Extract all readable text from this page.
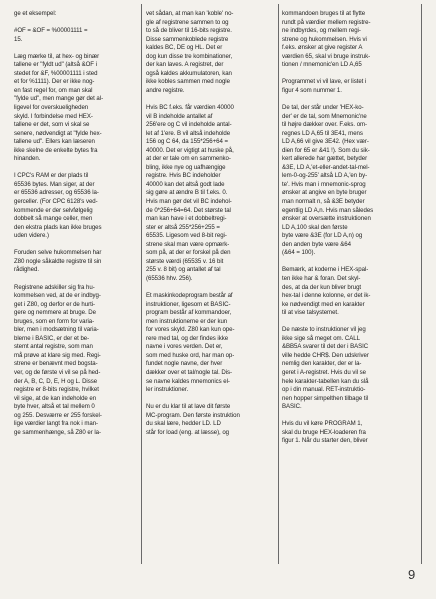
ge et eksempel:

#OF = &OF = %00001111 =
15.

Læg mærke til, at hex- og binær
tallene er "fyldt ud" (altså &OF i
stedet for &F, %00001111 i sted
et for %1111). Der er ikke nog-
en fast regel for, om man skal
"fylde ud", men mange gør det al-
ligevel for overskueligheden
skyld. I forbindelse med HEX-
tallene er det, som vi skal se
senere, nødvendigt at "fylde hex-
tallene ud". Ellers kan læseren
ikke skelne de enkelte bytes fra
hinanden.

I CPC's RAM er der plads til
65536 bytes. Man siger, at der
er 65536 adresser, og 65536 la-
gerceller. (For CPC 6128's ved-
kommende er der selvfølgelig
dobbelt så mange celler, men
den ekstra plads kan ikke bruges
uden videre.)

Foruden selve hukommelsen har
Z80 nogle såkaldte registre til sin
rådighed.

Registrene adskiller sig fra hu-
kommelsen ved, at de er indbyg-
get i Z80, og derfor er de hurti-
gere og nemmere at bruge. De
bruges, som en form for varia-
bler, men i modsætning til varia-
blerne i BASIC, er der et be-
stemt antal registre, som man
må prøve at klare sig med. Regi-
strene er benævnt med bogsta-
ver, og de første vi vil se på hed-
der A, B, C, D, E, H og L. Disse
registre er 8-bits registre, hvilket
vil sige, at de kan indeholde en
byte hver, altså et tal mellem 0
og 255. Desværre er 255 forskel-
lige værdier langt fra nok i man-
ge sammenhænge, så Z80 er la-

vet sådan, at man kan 'koble' no-
gle af registrene sammen to og
to så de bliver til 16-bits registre.
Disse sammenkoblede registre
kaldes BC, DE og HL. Det er
dog kun disse tre kombinationer,
der kan laves. A registret, der
også kaldes akkumulatoren, kan
ikke kobles sammen med nogle
andre registre.

Hvis BC f.eks. får værdien 40000
vil B indeholde antallet af
256'ere og C vil indeholde antal-
let af 1'ere. B vil altså indeholde
156 og C 64, da 155*256+64 =
40000. Det er vigtigt at huske på,
at der er tale om en sammenko-
bling, ikke nye og uafhængige
registre. Hvis BC indeholder
40000 kan det altså godt lade
sig gøre at ændre B til f.eks. 0.
Hvis man gør det vil BC indehol-
de 0*256+64=64. Det største tal
man kan have i et dobbeltregi-
ster er altså 255*256+255 =
65535. Ligesom ved 8-bit regi-
strene skal man være opmærk-
som på, at der er forskel på den
største værdi (65535 v. 16 bit
255 v. 8 bit) og antallet af tal
(65536 hhv. 256).

Et maskinkodeprogram består af
instruktioner, ligesom et BASIC-
program består af kommandoer,
men instruktionerne er der kun
for vores skyld. Z80 kan kun ope-
rere med tal, og der findes ikke
navne i vores verden. Det er,
som med huske ord, har man op-
fundet nogle navne, der hver
dækker over et tal/nogle tal. Dis-
se navne kaldes mnemonics el-
ler instruktioner.

Nu er du klar til at lave dit første
MC-program. Den første instruktion
du skal lære, hedder LD. LD
står for load (eng. at læsse), og

kommandoen bruges til at flytte
rundt på værdier mellem registre-
ne indbyrdes, og mellem regi-
strene og hukommelsen. Hvis vi
f.eks. ønsker at give register A
værdien 65, skal vi bruge instruk-
tionen / mnemonic'en LD A,65

Programmet vi vil lave, er listet i
figur 4 som nummer 1.

De tal, der står under 'HEX-ko-
der' er de tal, som Mnemonic'ne
til højre dækker over. F.eks. om-
regnes LD A,65 til 3E41, mens
LD A,66 vil give 3E42. (Hex vær-
dien for 65 er &41 !). Som du sik-
kert allerede har gættet, betyder
&3E, LD A,'et-eller-andet-tal-mel-
lem-0-og-255' altså LD A,'en by-
te'. Hvis man i mnemonic-sprog
ønsker at angive en byte bruger
man normalt n, så &3E betyder
egentlig LD A,n. Hvis man således
ønsker at oversætte instruktionen
LD A,100 skal den første
byte være &3E (for LD A,n) og
den anden byte være &64
(&64 = 100).

Bemærk, at koderne i HEX-spal-
ten ikke har & foran. Det skyl-
des, at da der kun bliver brugt
hex-tal i denne kolonne, er det ik-
ke nødvendigt med en karakter
til at vise talsystemet.

De næste to instruktioner vil jeg
ikke sige så meget om. CALL
&BB5A svarer til det der i BASIC
ville hedde CHR$. Den udskriver
nemlig den karakter, der er la-
geret i A-registret. Hvis du vil se
hele karakter-tabellen kan du slå
op i din manual. RET-instruktio-
nen hopper simpelthen tilbage til
BASIC.

Hvis du vil køre PROGRAM 1,
skal du bruge HEX-loaderen fra
figur 1. Når du starter den, bliver

9
